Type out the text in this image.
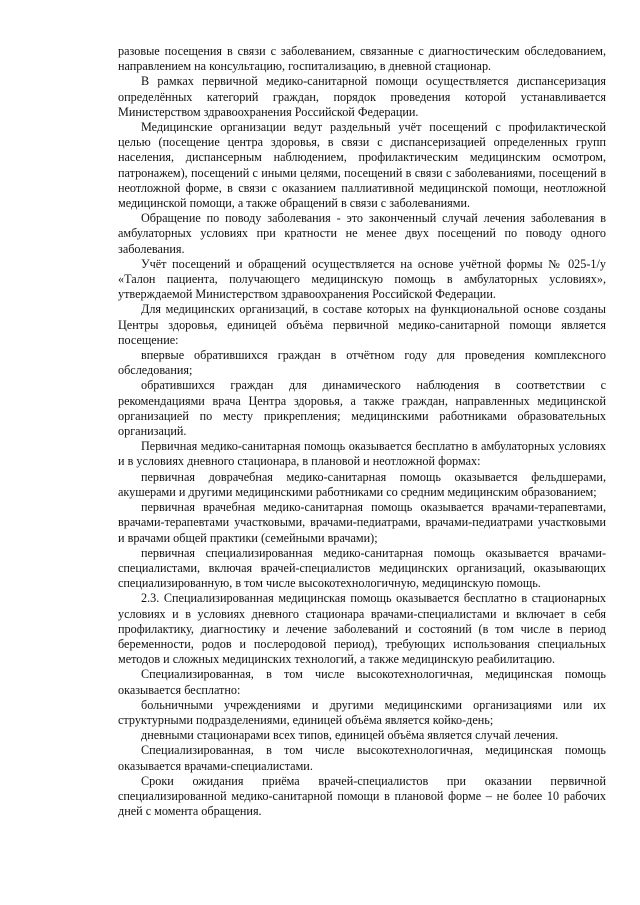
разовые посещения в связи с заболеванием, связанные с диагностическим обследованием, направлением на консультацию, госпитализацию, в дневной стационар.

В рамках первичной медико-санитарной помощи осуществляется диспансеризация определённых категорий граждан, порядок проведения которой устанавливается Министерством здравоохранения Российской Федерации.

Медицинские организации ведут раздельный учёт посещений с профилактической целью (посещение центра здоровья, в связи с диспансеризацией определенных групп населения, диспансерным наблюдением, профилактическим медицинским осмотром, патронажем), посещений с иными целями, посещений в связи с заболеваниями, посещений в неотложной форме, в связи с оказанием паллиативной медицинской помощи, неотложной медицинской помощи, а также обращений в связи с заболеваниями.

Обращение по поводу заболевания - это законченный случай лечения заболевания в амбулаторных условиях при кратности не менее двух посещений по поводу одного заболевания.

Учёт посещений и обращений осуществляется на основе учётной формы № 025-1/у «Талон пациента, получающего медицинскую помощь в амбулаторных условиях», утверждаемой Министерством здравоохранения Российской Федерации.

Для медицинских организаций, в составе которых на функциональной основе созданы Центры здоровья, единицей объёма первичной медико-санитарной помощи является посещение:

впервые обратившихся граждан в отчётном году для проведения комплексного обследования;

обратившихся граждан для динамического наблюдения в соответствии с рекомендациями врача Центра здоровья, а также граждан, направленных медицинской организацией по месту прикрепления; медицинскими работниками образовательных организаций.

Первичная медико-санитарная помощь оказывается бесплатно в амбулаторных условиях и в условиях дневного стационара, в плановой и неотложной формах:

первичная доврачебная медико-санитарная помощь оказывается фельдшерами, акушерами и другими медицинскими работниками со средним медицинским образованием;

первичная врачебная медико-санитарная помощь оказывается врачами-терапевтами, врачами-терапевтами участковыми, врачами-педиатрами, врачами-педиатрами участковыми и врачами общей практики (семейными врачами);

первичная специализированная медико-санитарная помощь оказывается врачами-специалистами, включая врачей-специалистов медицинских организаций, оказывающих специализированную, в том числе высокотехнологичную, медицинскую помощь.

2.3. Специализированная медицинская помощь оказывается бесплатно в стационарных условиях и в условиях дневного стационара врачами-специалистами и включает в себя профилактику, диагностику и лечение заболеваний и состояний (в том числе в период беременности, родов и послеродовой период), требующих использования специальных методов и сложных медицинских технологий, а также медицинскую реабилитацию.

Специализированная, в том числе высокотехнологичная, медицинская помощь оказывается бесплатно:

больничными учреждениями и другими медицинскими организациями или их структурными подразделениями, единицей объёма является койко-день;

дневными стационарами всех типов, единицей объёма является случай лечения.

Специализированная, в том числе высокотехнологичная, медицинская помощь оказывается врачами-специалистами.

Сроки ожидания приёма врачей-специалистов при оказании первичной специализированной медико-санитарной помощи в плановой форме – не более 10 рабочих дней с момента обращения.
